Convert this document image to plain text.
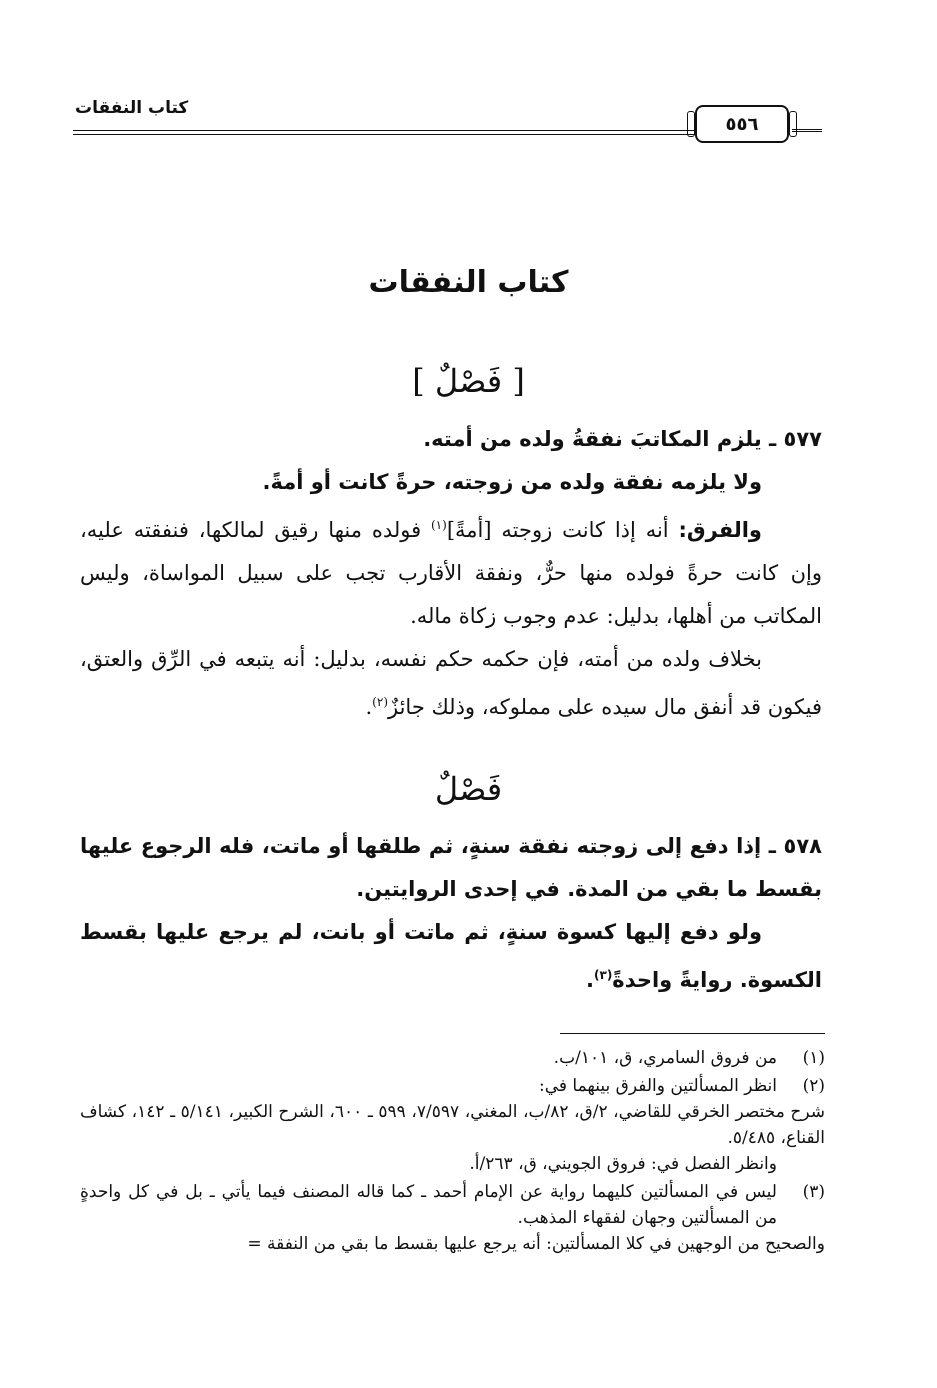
كتاب النفقات
٥٥٦
كتاب النفقات
[ فَصْلٌ ]
٥٧٧ ـ يلزم المكاتبَ نفقةُ ولده من أمته.
ولا يلزمه نفقة ولده من زوجته، حرةً كانت أو أمةً.
والفرق: أنه إذا كانت زوجته [أمةً]$^{(١)}$ فولده منها رقيق لمالكها، فنفقته عليه، وإن كانت حرةً فولده منها حرٌّ، ونفقة الأقارب تجب على سبيل المواساة، وليس المكاتب من أهلها، بدليل: عدم وجوب زكاة ماله.
بخلاف ولده من أمته، فإن حكمه حكم نفسه، بدليل: أنه يتبعه في الرِّق والعتق، فيكون قد أنفق مال سيده على مملوكه، وذلك جائزٌ$^{(٢)}$.
فَصْلٌ
٥٧٨ ـ إذا دفع إلى زوجته نفقة سنةٍ، ثم طلقها أو ماتت، فله الرجوع عليها بقسط ما بقي من المدة. في إحدى الروايتين.
ولو دفع إليها كسوة سنةٍ، ثم ماتت أو بانت، لم يرجع عليها بقسط الكسوة. روايةً واحدةً$^{(٣)}$.
(١)
من فروق السامري، ق، ١٠١/ب.
(٢)
انظر المسألتين والفرق بينهما في:
شرح مختصر الخرقي للقاضي، ٢/ق، ٨٢/ب، المغني، ٧/٥٩٧، ٥٩٩ ـ ٦٠٠، الشرح الكبير، ٥/١٤١ ـ ١٤٢، كشاف القناع، ٥/٤٨٥.
وانظر الفصل في: فروق الجويني، ق، ٢٦٣/أ.
(٣)
ليس في المسألتين كليهما رواية عن الإمام أحمد ـ كما قاله المصنف فيما يأتي ـ بل في كل واحدةٍ من المسألتين وجهان لفقهاء المذهب.
والصحيح من الوجهين في كلا المسألتين: أنه يرجع عليها بقسط ما بقي من النفقة =
